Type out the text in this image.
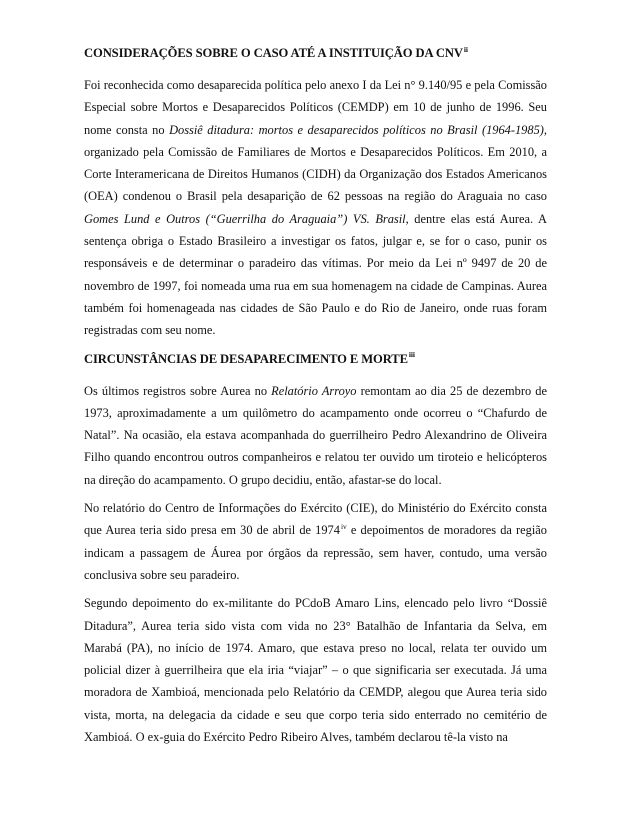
CONSIDERAÇÕES SOBRE O CASO ATÉ A INSTITUIÇÃO DA CNV$^{ii}$

Foi reconhecida como desaparecida política pelo anexo I da Lei n° 9.140/95 e pela Comissão Especial sobre Mortos e Desaparecidos Políticos (CEMDP) em 10 de junho de 1996. Seu nome consta no Dossiê ditadura: mortos e desaparecidos políticos no Brasil (1964-1985), organizado pela Comissão de Familiares de Mortos e Desaparecidos Políticos. Em 2010, a Corte Interamericana de Direitos Humanos (CIDH) da Organização dos Estados Americanos (OEA) condenou o Brasil pela desaparição de 62 pessoas na região do Araguaia no caso Gomes Lund e Outros (“Guerrilha do Araguaia”) VS. Brasil, dentre elas está Aurea. A sentença obriga o Estado Brasileiro a investigar os fatos, julgar e, se for o caso, punir os responsáveis e de determinar o paradeiro das vítimas. Por meio da Lei nº 9497 de 20 de novembro de 1997, foi nomeada uma rua em sua homenagem na cidade de Campinas. Aurea também foi homenageada nas cidades de São Paulo e do Rio de Janeiro, onde ruas foram registradas com seu nome.

CIRCUNSTÂNCIAS DE DESAPARECIMENTO E MORTE$^{iii}$

Os últimos registros sobre Aurea no Relatório Arroyo remontam ao dia 25 de dezembro de 1973, aproximadamente a um quilômetro do acampamento onde ocorreu o “Chafurdo de Natal”. Na ocasião, ela estava acompanhada do guerrilheiro Pedro Alexandrino de Oliveira Filho quando encontrou outros companheiros e relatou ter ouvido um tiroteio e helicópteros na direção do acampamento. O grupo decidiu, então, afastar-se do local.

No relatório do Centro de Informações do Exército (CIE), do Ministério do Exército consta que Aurea teria sido presa em 30 de abril de 1974$^{iv}$ e depoimentos de moradores da região indicam a passagem de Áurea por órgãos da repressão, sem haver, contudo, uma versão conclusiva sobre seu paradeiro.

Segundo depoimento do ex-militante do PCdoB Amaro Lins, elencado pelo livro “Dossiê Ditadura”, Aurea teria sido vista com vida no 23° Batalhão de Infantaria da Selva, em Marabá (PA), no início de 1974. Amaro, que estava preso no local, relata ter ouvido um policial dizer à guerrilheira que ela iria “viajar” – o que significaria ser executada. Já uma moradora de Xambioá, mencionada pelo Relatório da CEMDP, alegou que Aurea teria sido vista, morta, na delegacia da cidade e seu que corpo teria sido enterrado no cemitério de Xambioá. O ex-guia do Exército Pedro Ribeiro Alves, também declarou tê-la visto na
